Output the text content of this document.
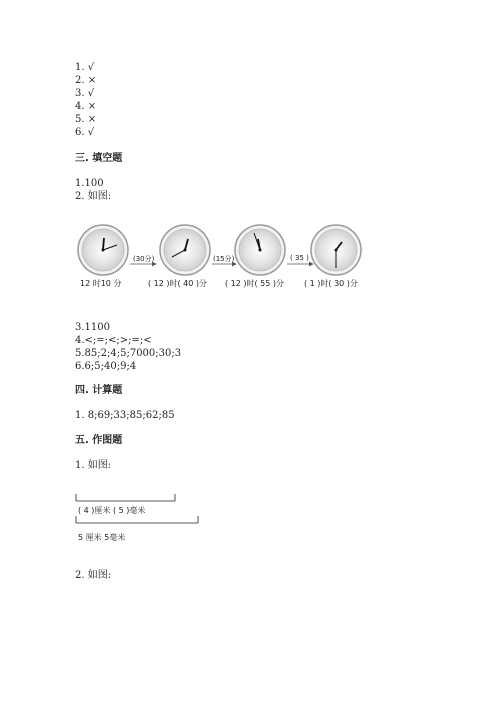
1. √
2. ×
3. √
4. ×
5. ×
6. √
三. 填空题
1.100
2. 如图:
(30分)	(15分)	( 35 )
12 时10 分	( 12 )时( 40 )分 ( 12 )时( 55 )分 ( 1 )时( 30 )分
3.1100
4.<;=;<;>;=;<
5.85;2;4;5;7000;30;3
6.6;5;40;9;4
四. 计算题
1. 8;69;33;85;62;85
五. 作图题
1. 如图:
( 4 )厘米 ( 5 )毫米
5 厘米 5毫米
2. 如图:
